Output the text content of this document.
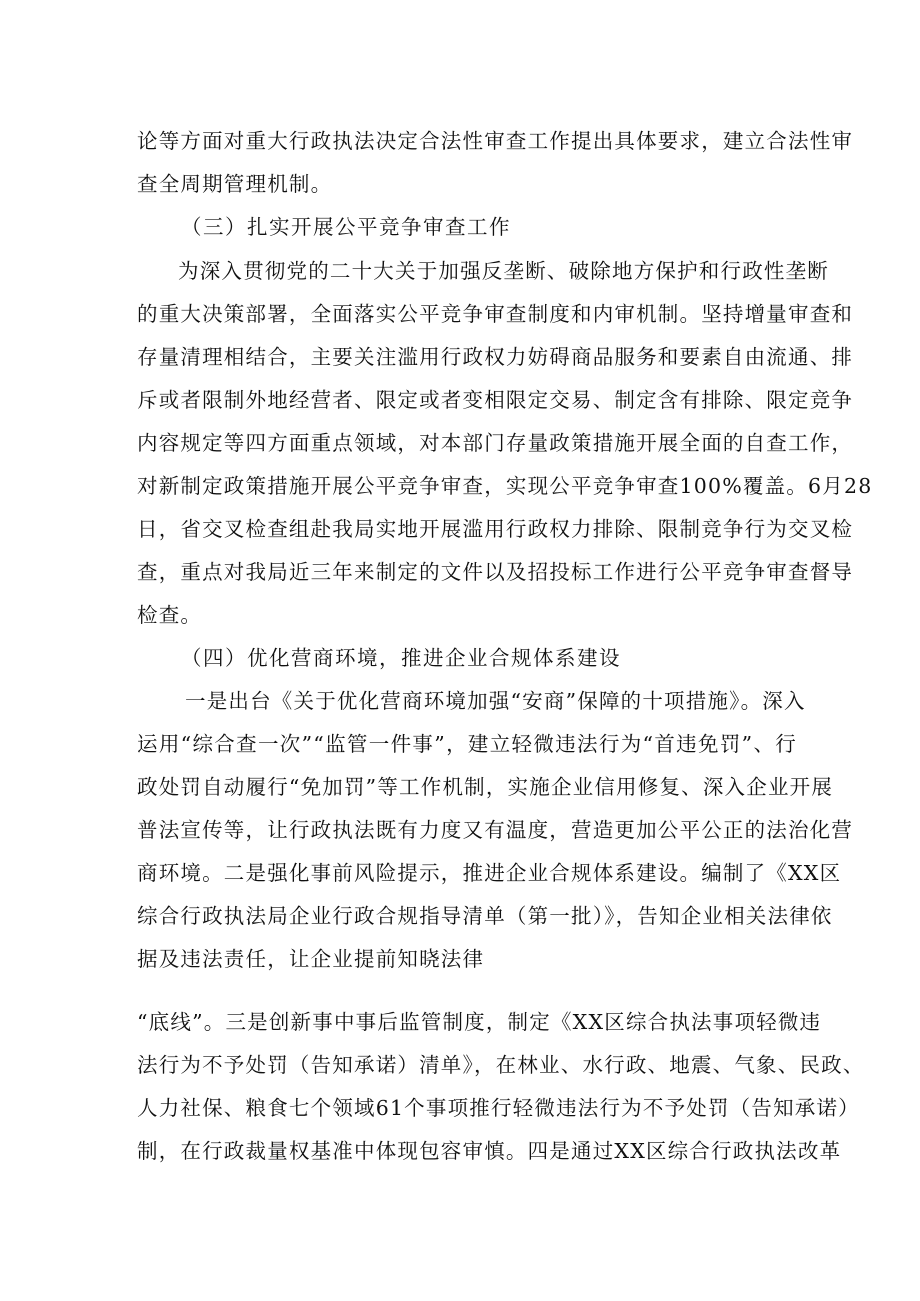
论等方面对重大行政执法决定合法性审查工作提出具体要求，建立合法性审
查全周期管理机制。
（三）扎实开展公平竞争审查工作
为深入贯彻党的二十大关于加强反垄断、破除地方保护和行政性垄断
的重大决策部署，全面落实公平竞争审查制度和内审机制。坚持增量审查和
存量清理相结合，主要关注滥用行政权力妨碍商品服务和要素自由流通、排
斥或者限制外地经营者、限定或者变相限定交易、制定含有排除、限定竞争
内容规定等四方面重点领域，对本部门存量政策措施开展全面的自查工作，
对新制定政策措施开展公平竞争审查，实现公平竞争审查100%覆盖。6月28
日，省交叉检查组赴我局实地开展滥用行政权力排除、限制竞争行为交叉检
查，重点对我局近三年来制定的文件以及招投标工作进行公平竞争审查督导
检查。
（四）优化营商环境，推进企业合规体系建设
一是出台《关于优化营商环境加强“安商”保障的十项措施》。深入
运用“综合查一次”“监管一件事”，建立轻微违法行为“首违免罚”、行
政处罚自动履行“免加罚”等工作机制，实施企业信用修复、深入企业开展
普法宣传等，让行政执法既有力度又有温度，营造更加公平公正的法治化营
商环境。二是强化事前风险提示，推进企业合规体系建设。编制了《XX区
综合行政执法局企业行政合规指导清单（第一批）》，告知企业相关法律依
据及违法责任，让企业提前知晓法律
“底线”。三是创新事中事后监管制度，制定《XX区综合执法事项轻微违
法行为不予处罚（告知承诺）清单》，在林业、水行政、地震、气象、民政、
人力社保、粮食七个领域61个事项推行轻微违法行为不予处罚（告知承诺）
制，在行政裁量权基准中体现包容审慎。四是通过XX区综合行政执法改革
